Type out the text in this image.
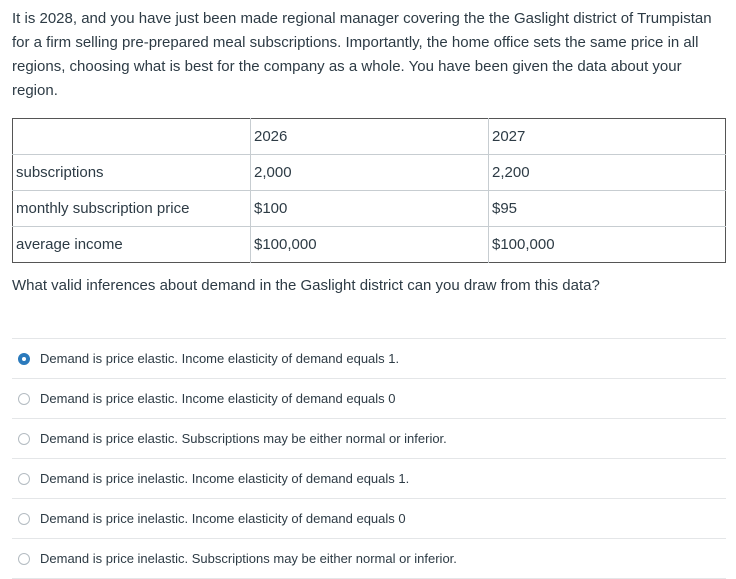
It is 2028, and you have just been made regional manager covering the the Gaslight district of Trumpistan for a firm selling pre-prepared meal subscriptions. Importantly, the home office sets the same price in all regions, choosing what is best for the company as a whole. You have been given the data about your region.

	2026	2027
subscriptions	2,000	2,200
monthly subscription price	$100	$95
average income	$100,000	$100,000

What valid inferences about demand in the Gaslight district can you draw from this data?

Demand is price elastic. Income elasticity of demand equals 1.
Demand is price elastic. Income elasticity of demand equals 0
Demand is price elastic. Subscriptions may be either normal or inferior.
Demand is price inelastic. Income elasticity of demand equals 1.
Demand is price inelastic. Income elasticity of demand equals 0
Demand is price inelastic. Subscriptions may be either normal or inferior.
